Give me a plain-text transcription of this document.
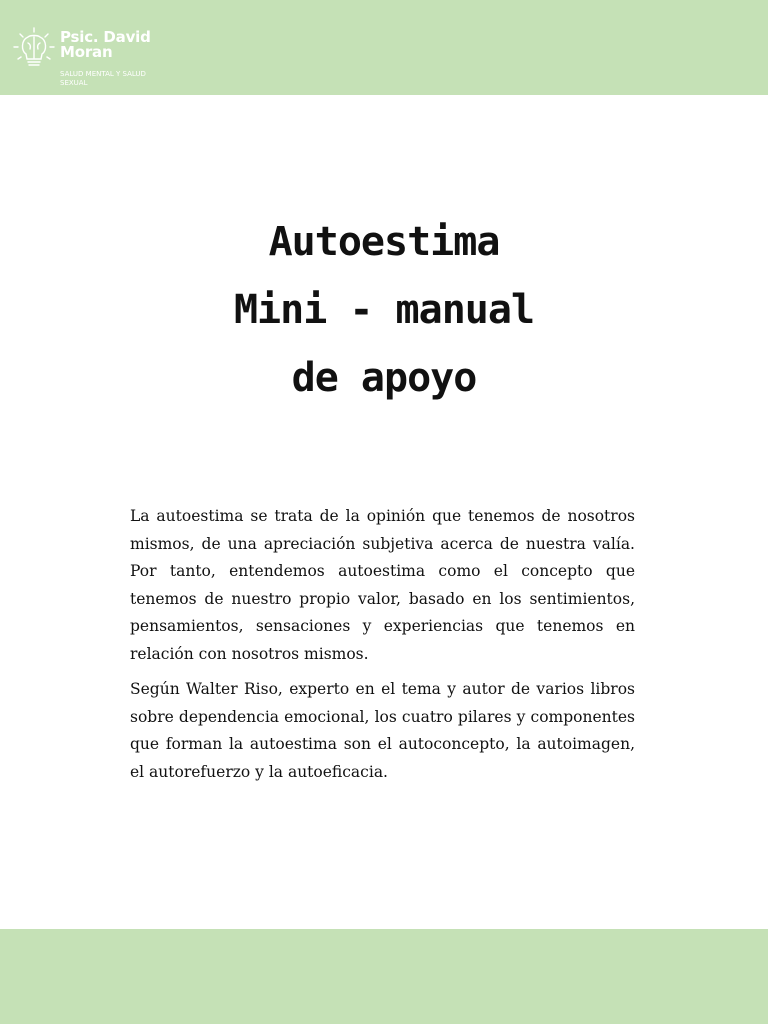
Psic. David
Moran
SALUD MENTAL Y SALUD SEXUAL
Autoestima
Mini - manual
de apoyo

La autoestima se trata de la opinión que tenemos de nosotros mismos, de una apreciación subjetiva acerca de nuestra valía. Por tanto, entendemos autoestima como el concepto que tenemos de nuestro propio valor, basado en los sentimientos, pensamientos, sensaciones y experiencias que tenemos en relación con nosotros mismos.

Según Walter Riso, experto en el tema y autor de varios libros sobre dependencia emocional, los cuatro pilares y componentes que forman la autoestima son el autoconcepto, la autoimagen, el autorefuerzo y la autoeficacia.
